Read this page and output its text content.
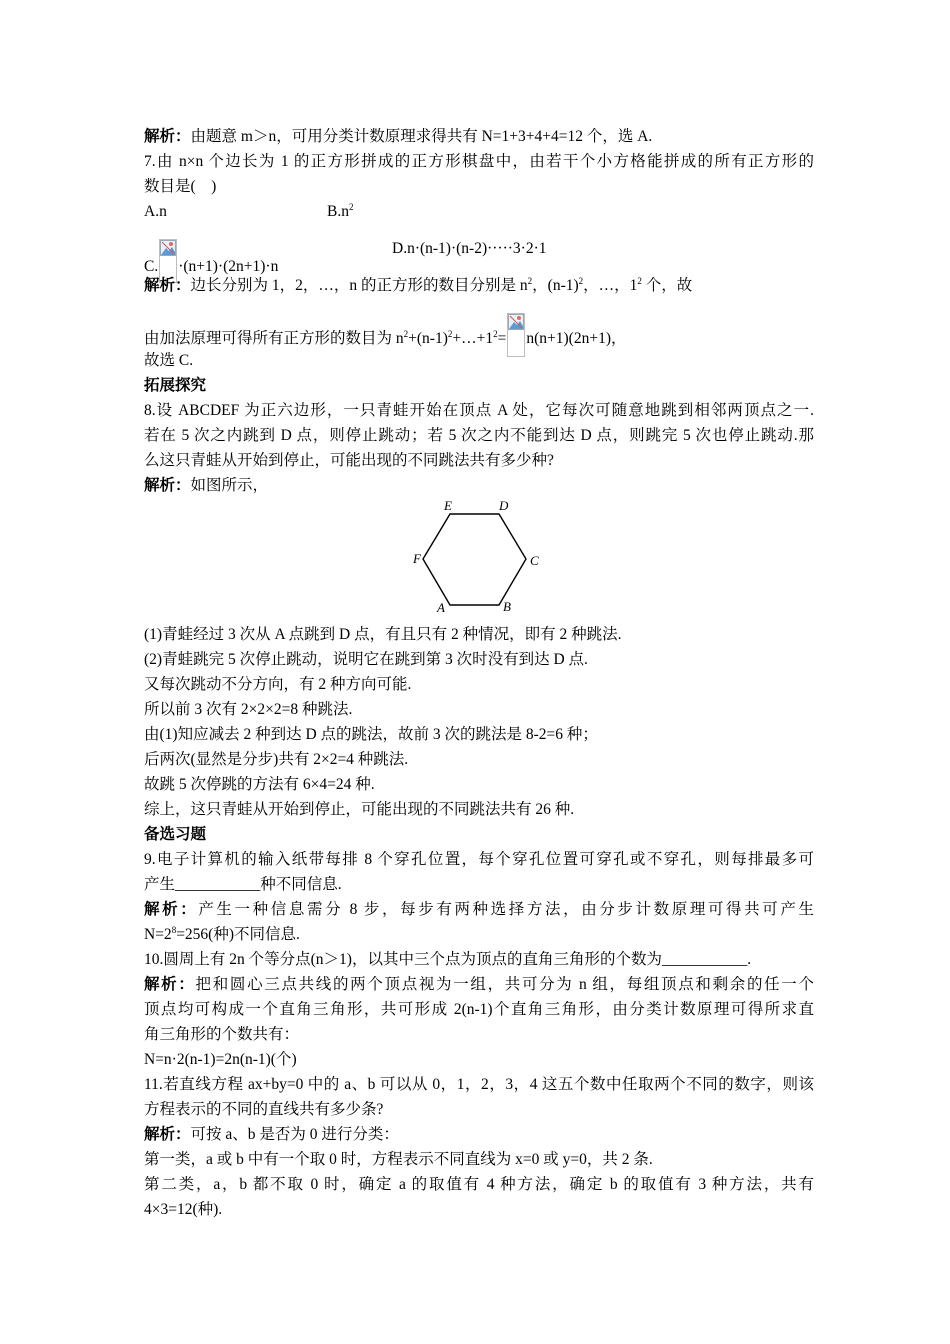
解析：由题意 m＞n，可用分类计数原理求得共有 N=1+3+4+4=12 个，选 A.
7.由 n×n 个边长为 1 的正方形拼成的正方形棋盘中，由若干个小方格能拼成的所有正方形的
数目是(　)
A.n	$B.n^2$
C. ·(n+1)·(2n+1)·n
D.n·(n-1)·(n-2)·····3·2·1
解析：边长分别为 1，2，…，n 的正方形的数目分别是 $n^2$，$(n-1)^2$，…，$1^2$ 个，故
由加法原理可得所有正方形的数目为 $n^2+(n-1)^2+\dots+1^2= n(n+1)(2n+1)$，
故选 C.
拓展探究
8.设 ABCDEF 为正六边形，一只青蛙开始在顶点 A 处，它每次可随意地跳到相邻两顶点之一.
若在 5 次之内跳到 D 点，则停止跳动；若 5 次之内不能到达 D 点，则跳完 5 次也停止跳动.那
么这只青蛙从开始到停止，可能出现的不同跳法共有多少种?
解析：如图所示，
E	D
F	C
A	B
(1)青蛙经过 3 次从 A 点跳到 D 点，有且只有 2 种情况，即有 2 种跳法.
(2)青蛙跳完 5 次停止跳动，说明它在跳到第 3 次时没有到达 D 点.
又每次跳动不分方向，有 2 种方向可能.
所以前 3 次有 2×2×2=8 种跳法.
由(1)知应减去 2 种到达 D 点的跳法，故前 3 次的跳法是 8-2=6 种；
后两次(显然是分步)共有 2×2=4 种跳法.
故跳 5 次停跳的方法有 6×4=24 种.
综上，这只青蛙从开始到停止，可能出现的不同跳法共有 26 种.
备选习题
9.电子计算机的输入纸带每排 8 个穿孔位置，每个穿孔位置可穿孔或不穿孔，则每排最多可
产生___________种不同信息.
解析：产生一种信息需分 8 步，每步有两种选择方法，由分步计数原理可得共可产生
$N=2^8=256$(种)不同信息.
10.圆周上有 2n 个等分点(n＞1)，以其中三个点为顶点的直角三角形的个数为___________.
解析：把和圆心三点共线的两个顶点视为一组，共可分为 n 组，每组顶点和剩余的任一个
顶点均可构成一个直角三角形，共可形成 2(n-1)个直角三角形，由分类计数原理可得所求直
角三角形的个数共有：
N=n·2(n-1)=2n(n-1)(个)
11.若直线方程 ax+by=0 中的 a、b 可以从 0，1，2，3，4 这五个数中任取两个不同的数字，则该
方程表示的不同的直线共有多少条?
解析：可按 a、b 是否为 0 进行分类：
第一类，a 或 b 中有一个取 0 时，方程表示不同直线为 x=0 或 y=0，共 2 条.
第二类，a，b 都不取 0 时，确定 a 的取值有 4 种方法，确定 b 的取值有 3 种方法，共有
4×3=12(种).
